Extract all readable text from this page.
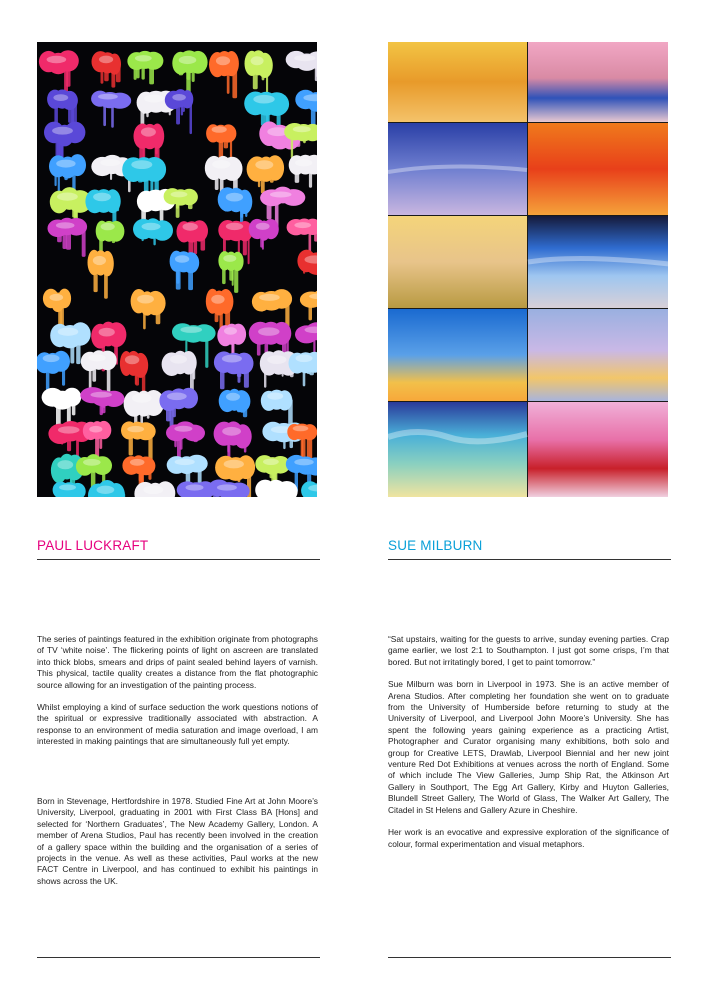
PAUL LUCKRAFT

The series of paintings featured in the exhibition originate from photographs of TV ‘white noise’. The flickering points of light on ascreen are translated into thick blobs, smears and drips of paint sealed behind layers of varnish. This physical, tactile quality creates a distance from the flat photographic source allowing for an investigation of the painting process.

Whilst employing a kind of surface seduction the work questions notions of the spiritual or expressive traditionally associated with abstraction. A response to an environment of media saturation and image overload, I am interested in making paintings that are simultaneously full yet empty.

Born in Stevenage, Hertfordshire in 1978. Studied Fine Art at John Moore’s University, Liverpool, graduating in 2001 with First Class BA [Hons] and selected for ‘Northern Graduates’, The New Academy Gallery, London. A member of Arena Studios, Paul has recently been involved in the creation of a gallery space within the building and the organisation of a series of projects in the venue. As well as these activities, Paul works at the new FACT Centre in Liverpool, and has continued to exhibit his paintings in shows across the UK.

SUE MILBURN

“Sat upstairs, waiting for the guests to arrive, sunday evening parties. Crap game earlier, we lost 2:1 to Southampton. I just got some crisps, I’m that bored. But not irritatingly bored, I get to paint tomorrow.”

Sue Milburn was born in Liverpool in 1973. She is an active member of Arena Studios. After completing her foundation she went on to graduate from the University of Humberside before returning to study at the University of Liverpool, and Liverpool John Moore’s University. She has spent the following years gaining experience as a practicing Artist, Photographer and Curator organising many exhibitions, both solo and group for Creative LETS, Drawlab, Liverpool Biennial and her new joint venture Red Dot Exhibitions at venues across the north of England. Some of which include The View Galleries, Jump Ship Rat, the Atkinson Art Gallery in Southport, The Egg Art Gallery, Kirby and Huyton Galleries, Blundell Street Gallery, The World of Glass, The Walker Art Gallery, The Citadel in St Helens and Gallery Azure in Cheshire.

Her work is an evocative and expressive exploration of the significance of colour, formal experimentation and visual metaphors.
